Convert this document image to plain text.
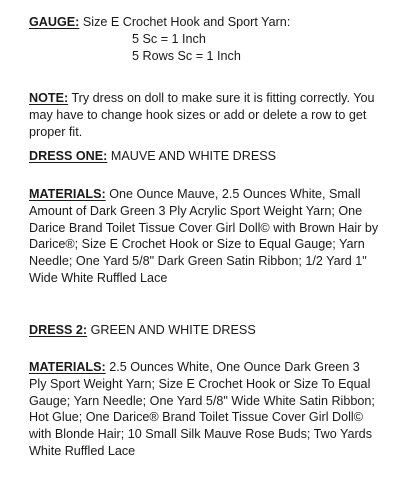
GAUGE: Size E Crochet Hook and Sport Yarn:
5 Sc = 1 Inch
5 Rows Sc = 1 Inch
NOTE: Try dress on doll to make sure it is fitting correctly. You
may have to change hook sizes or add or delete a row to get
proper fit.
DRESS ONE: MAUVE AND WHITE DRESS
MATERIALS: One Ounce Mauve, 2.5 Ounces White, Small
Amount of Dark Green 3 Ply Acrylic Sport Weight Yarn; One
Darice Brand Toilet Tissue Cover Girl Doll© with Brown Hair by
Darice®; Size E Crochet Hook or Size to Equal Gauge; Yarn
Needle; One Yard 5/8" Dark Green Satin Ribbon; 1/2 Yard 1"
Wide White Ruffled Lace
DRESS 2: GREEN AND WHITE DRESS
MATERIALS: 2.5 Ounces White, One Ounce Dark Green 3
Ply Sport Weight Yarn; Size E Crochet Hook or Size To Equal
Gauge; Yarn Needle; One Yard 5/8" Wide White Satin Ribbon;
Hot Glue; One Darice® Brand Toilet Tissue Cover Girl Doll©
with Blonde Hair; 10 Small Silk Mauve Rose Buds; Two Yards
White Ruffled Lace
